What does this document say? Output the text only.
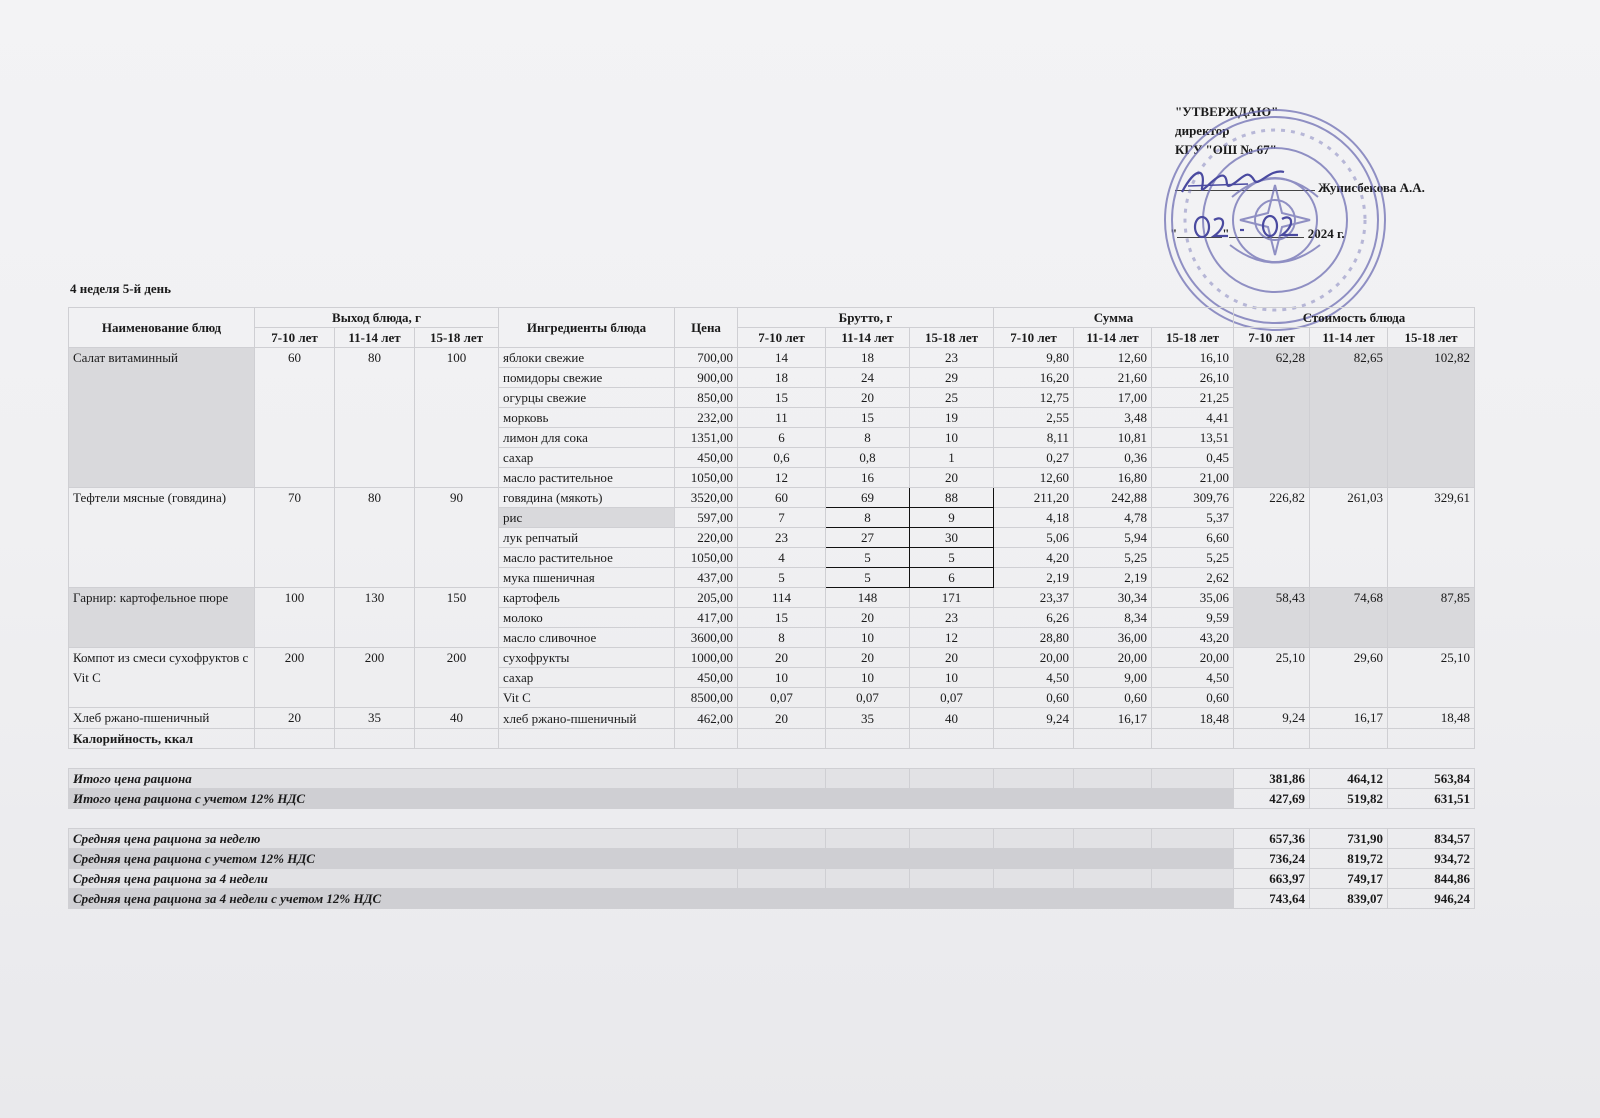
"УТВЕРЖДАЮ"
директор
КГУ "ОШ № 67"
Жуписбекова А.А.
"	"	2024 г.
4 неделя 5-й день
Наименование блюд	Выход блюда, г			Ингредиенты блюда	Цена	Брутто, г			Сумма			Стоимость блюда		
	7-10 лет	11-14 лет	15-18 лет			7-10 лет	11-14 лет	15-18 лет	7-10 лет	11-14 лет	15-18 лет	7-10 лет	11-14 лет	15-18 лет
Салат витаминный	60	80	100	яблоки свежие	700,00	14	18	23	9,80	12,60	16,10	62,28	82,65	102,82
				помидоры свежие	900,00	18	24	29	16,20	21,60	26,10			
				огурцы свежие	850,00	15	20	25	12,75	17,00	21,25			
				морковь	232,00	11	15	19	2,55	3,48	4,41			
				лимон для сока	1351,00	6	8	10	8,11	10,81	13,51			
				сахар	450,00	0,6	0,8	1	0,27	0,36	0,45			
				масло растительное	1050,00	12	16	20	12,60	16,80	21,00			
Тефтели мясные (говядина)	70	80	90	говядина (мякоть)	3520,00	60	69	88	211,20	242,88	309,76	226,82	261,03	329,61
				рис	597,00	7	8	9	4,18	4,78	5,37			
				лук репчатый	220,00	23	27	30	5,06	5,94	6,60			
				масло растительное	1050,00	4	5	5	4,20	5,25	5,25			
				мука пшеничная	437,00	5	5	6	2,19	2,19	2,62			
Гарнир: картофельное пюре	100	130	150	картофель	205,00	114	148	171	23,37	30,34	35,06	58,43	74,68	87,85
				молоко	417,00	15	20	23	6,26	8,34	9,59			
				масло сливочное	3600,00	8	10	12	28,80	36,00	43,20			
Компот из смеси сухофруктов с Vit C	200	200	200	сухофрукты	1000,00	20	20	20	20,00	20,00	20,00	25,10	29,60	25,10
				сахар	450,00	10	10	10	4,50	9,00	4,50			
				Vit C	8500,00	0,07	0,07	0,07	0,60	0,60	0,60			
Хлеб ржано-пшеничный	20	35	40	хлеб ржано-пшеничный	462,00	20	35	40	9,24	16,17	18,48	9,24	16,17	18,48
Калорийность, ккал														

Итого цена рациона												381,86	464,12	563,84
Итого цена рациона с учетом 12% НДС												427,69	519,82	631,51

Средняя цена рациона за неделю												657,36	731,90	834,57
Средняя цена рациона с учетом 12% НДС												736,24	819,72	934,72
Средняя цена рациона за 4 недели												663,97	749,17	844,86
Средняя цена рациона за 4 недели с учетом 12% НДС												743,64	839,07	946,24
